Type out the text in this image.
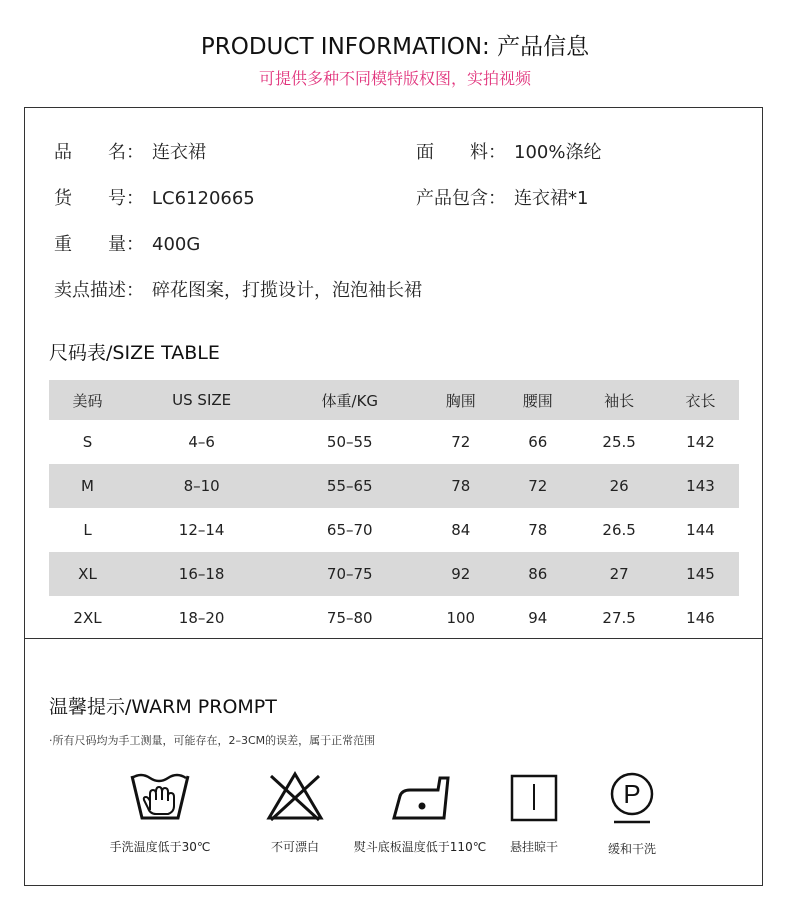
PRODUCT INFORMATION: 产品信息
可提供多种不同模特版权图，实拍视频
品　　名： 连衣裙	面　　料： 100%涤纶
货　　号： LC6120665	产品包含： 连衣裙*1
重　　量： 400G
卖点描述： 碎花图案，打揽设计，泡泡袖长裙
尺码表/SIZE TABLE
美码	US SIZE	体重/KG	胸围	腰围	袖长	衣长
S	4–6	50–55	72	66	25.5	142
M	8–10	55–65	78	72	26	143
L	12–14	65–70	84	78	26.5	144
XL	16–18	70–75	92	86	27	145
2XL	18–20	75–80	100	94	27.5	146
温馨提示/WARM PROMPT
·所有尺码均为手工测量，可能存在，2–3CM的误差，属于正常范围
手洗温度低于30℃	不可漂白	熨斗底板温度低于110℃	悬挂晾干
P
缓和干洗
